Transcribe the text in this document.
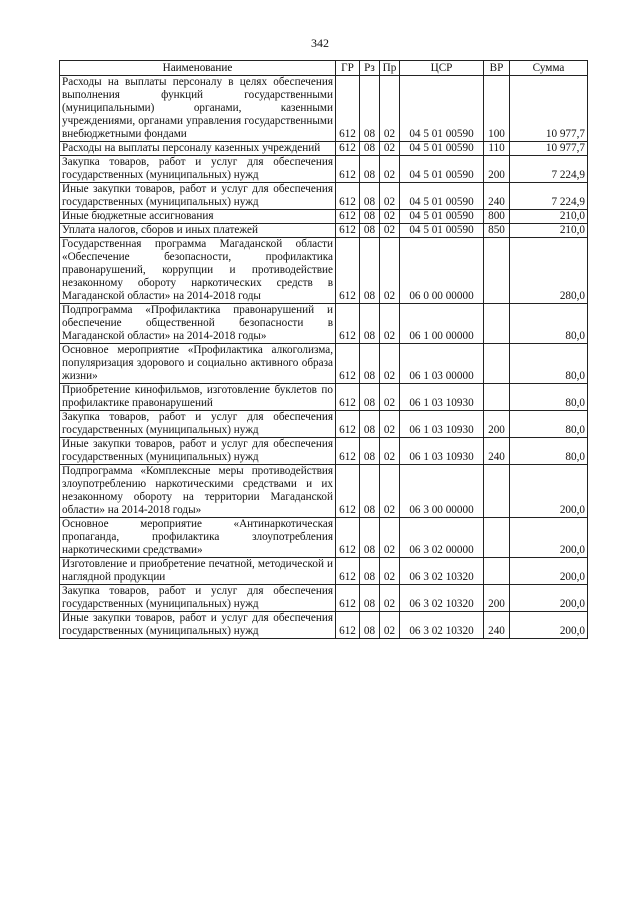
342
Наименование	ГР	Рз	Пр	ЦСР	ВР	Сумма
Расходы на выплаты персоналу в целях обеспечения выполнения функций государственными (муниципальными) органами, казенными учреждениями, органами управления государственными внебюджетными фондами	612	08	02	04 5 01 00590	100	10 977,7
Расходы на выплаты персоналу казенных учреждений	612	08	02	04 5 01 00590	110	10 977,7
Закупка товаров, работ и услуг для обеспечения государственных (муниципальных) нужд	612	08	02	04 5 01 00590	200	7 224,9
Иные закупки товаров, работ и услуг для обеспечения государственных (муниципальных) нужд	612	08	02	04 5 01 00590	240	7 224,9
Иные бюджетные ассигнования	612	08	02	04 5 01 00590	800	210,0
Уплата налогов, сборов и иных платежей	612	08	02	04 5 01 00590	850	210,0
Государственная программа Магаданской области «Обеспечение безопасности, профилактика правонарушений, коррупции и противодействие незаконному обороту наркотических средств в Магаданской области» на 2014-2018 годы	612	08	02	06 0 00 00000		280,0
Подпрограмма «Профилактика правонарушений и обеспечение общественной безопасности в Магаданской области» на 2014-2018 годы»	612	08	02	06 1 00 00000		80,0
Основное мероприятие «Профилактика алкоголизма, популяризация здорового и социально активного образа жизни»	612	08	02	06 1 03 00000		80,0
Приобретение кинофильмов, изготовление буклетов по профилактике правонарушений	612	08	02	06 1 03 10930		80,0
Закупка товаров, работ и услуг для обеспечения государственных (муниципальных) нужд	612	08	02	06 1 03 10930	200	80,0
Иные закупки товаров, работ и услуг для обеспечения государственных (муниципальных) нужд	612	08	02	06 1 03 10930	240	80,0
Подпрограмма «Комплексные меры противодействия злоупотреблению наркотическими средствами и их незаконному обороту на территории Магаданской области» на 2014-2018 годы»	612	08	02	06 3 00 00000		200,0
Основное мероприятие «Антинаркотическая пропаганда, профилактика злоупотребления наркотическими средствами»	612	08	02	06 3 02 00000		200,0
Изготовление и приобретение печатной, методической и наглядной продукции	612	08	02	06 3 02 10320		200,0
Закупка товаров, работ и услуг для обеспечения государственных (муниципальных) нужд	612	08	02	06 3 02 10320	200	200,0
Иные закупки товаров, работ и услуг для обеспечения государственных (муниципальных) нужд	612	08	02	06 3 02 10320	240	200,0
